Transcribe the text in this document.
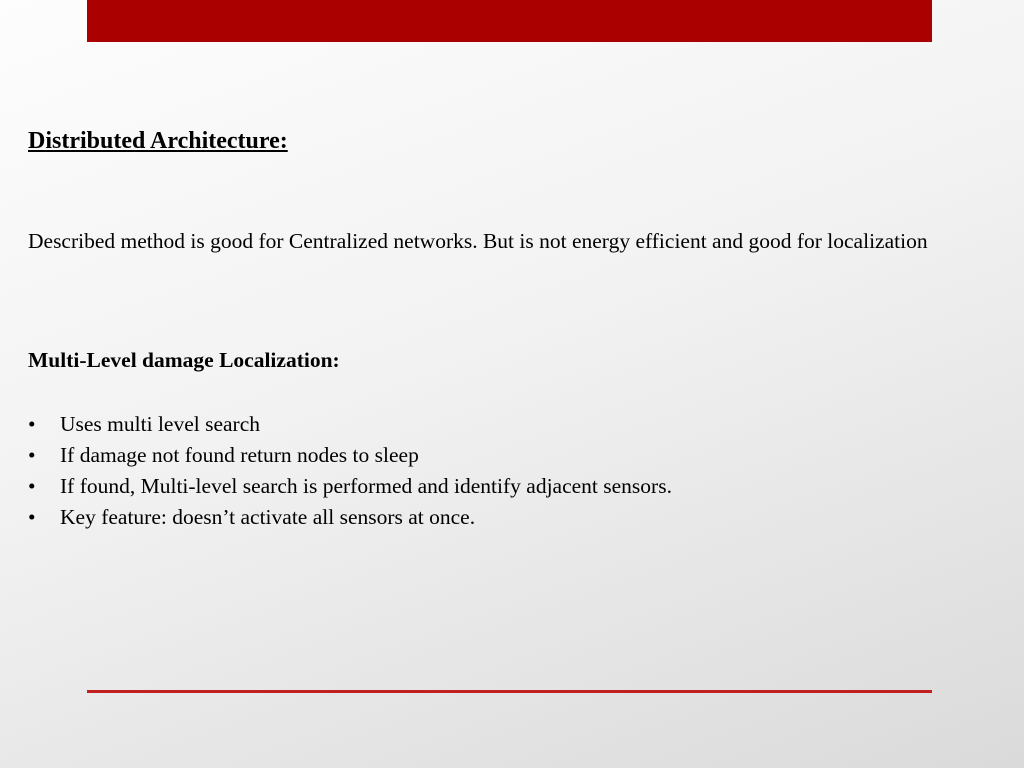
Distributed Architecture:
Described method is good for Centralized networks. But is not energy efficient and good for localization
Multi-Level damage Localization:
• Uses multi level search
• If damage not found return nodes to sleep
• If found, Multi-level search is performed and identify adjacent sensors.
• Key feature: doesn’t activate all sensors at once.
